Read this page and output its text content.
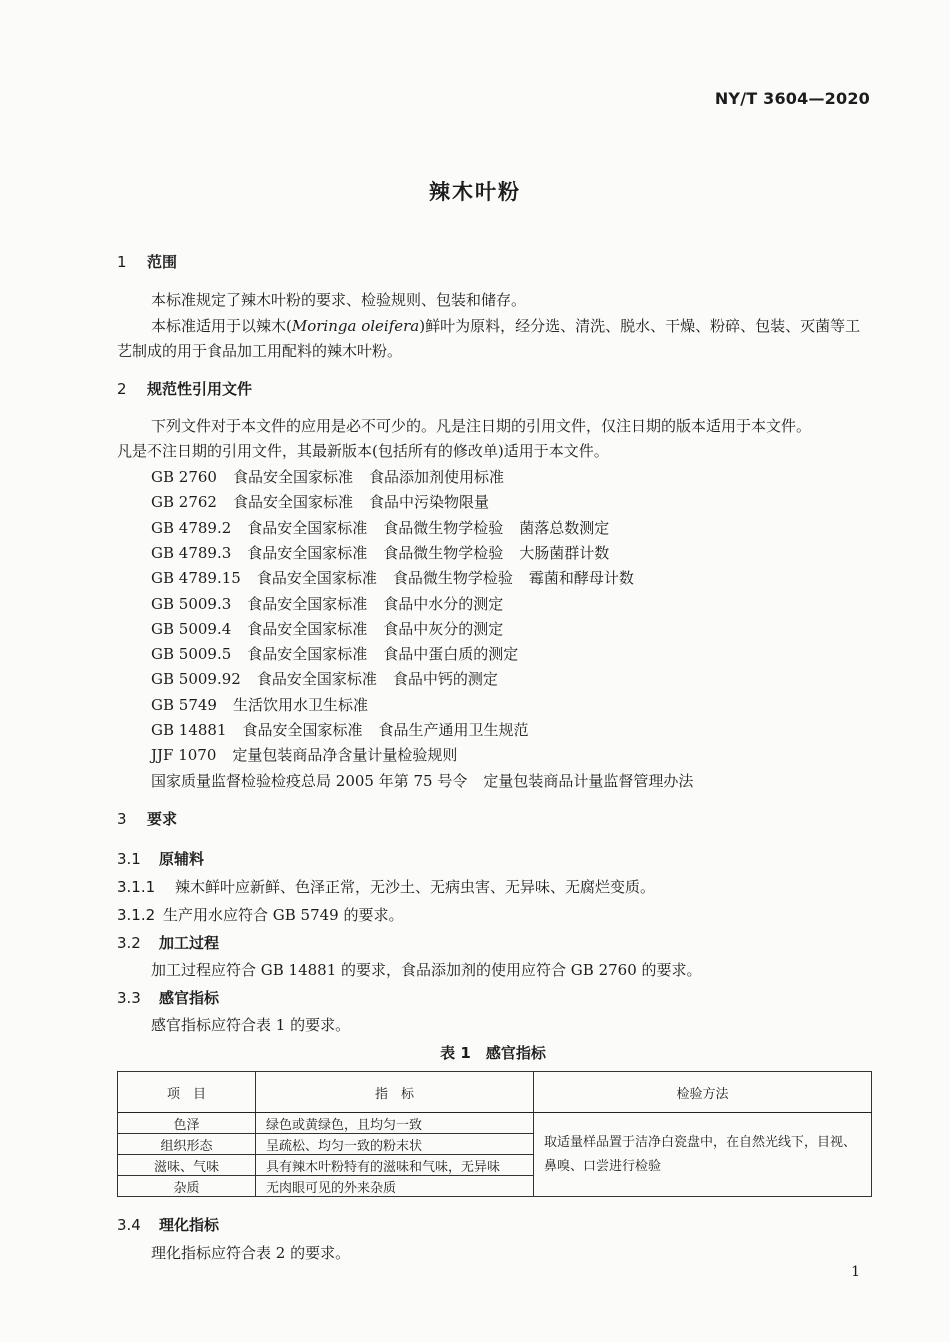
NY/T 3604—2020
辣木叶粉
1 范围
本标准规定了辣木叶粉的要求、检验规则、包装和储存。
本标准适用于以辣木(Moringa oleifera)鲜叶为原料，经分选、清洗、脱水、干燥、粉碎、包装、灭菌等工
艺制成的用于食品加工用配料的辣木叶粉。
2 规范性引用文件
下列文件对于本文件的应用是必不可少的。凡是注日期的引用文件，仅注日期的版本适用于本文件。
凡是不注日期的引用文件，其最新版本(包括所有的修改单)适用于本文件。
GB 2760 食品安全国家标准 食品添加剂使用标准
GB 2762 食品安全国家标准 食品中污染物限量
GB 4789.2 食品安全国家标准 食品微生物学检验 菌落总数测定
GB 4789.3 食品安全国家标准 食品微生物学检验 大肠菌群计数
GB 4789.15 食品安全国家标准 食品微生物学检验 霉菌和酵母计数
GB 5009.3 食品安全国家标准 食品中水分的测定
GB 5009.4 食品安全国家标准 食品中灰分的测定
GB 5009.5 食品安全国家标准 食品中蛋白质的测定
GB 5009.92 食品安全国家标准 食品中钙的测定
GB 5749 生活饮用水卫生标准
GB 14881 食品安全国家标准 食品生产通用卫生规范
JJF 1070 定量包装商品净含量计量检验规则
国家质量监督检验检疫总局 2005 年第 75 号令 定量包装商品计量监督管理办法
3 要求
3.1 原辅料
3.1.1 辣木鲜叶应新鲜、色泽正常，无沙土、无病虫害、无异味、无腐烂变质。
3.1.2 生产用水应符合 GB 5749 的要求。
3.2 加工过程
加工过程应符合 GB 14881 的要求，食品添加剂的使用应符合 GB 2760 的要求。
3.3 感官指标
感官指标应符合表 1 的要求。
表 1　感官指标
项　目	指　标	检验方法
色泽	绿色或黄绿色，且均匀一致	取适量样品置于洁净白瓷盘中，在自然光线下，目视、鼻嗅、口尝进行检验
组织形态	呈疏松、均匀一致的粉末状	
滋味、气味	具有辣木叶粉特有的滋味和气味，无异味	
杂质	无肉眼可见的外来杂质	
3.4 理化指标
理化指标应符合表 2 的要求。
1
